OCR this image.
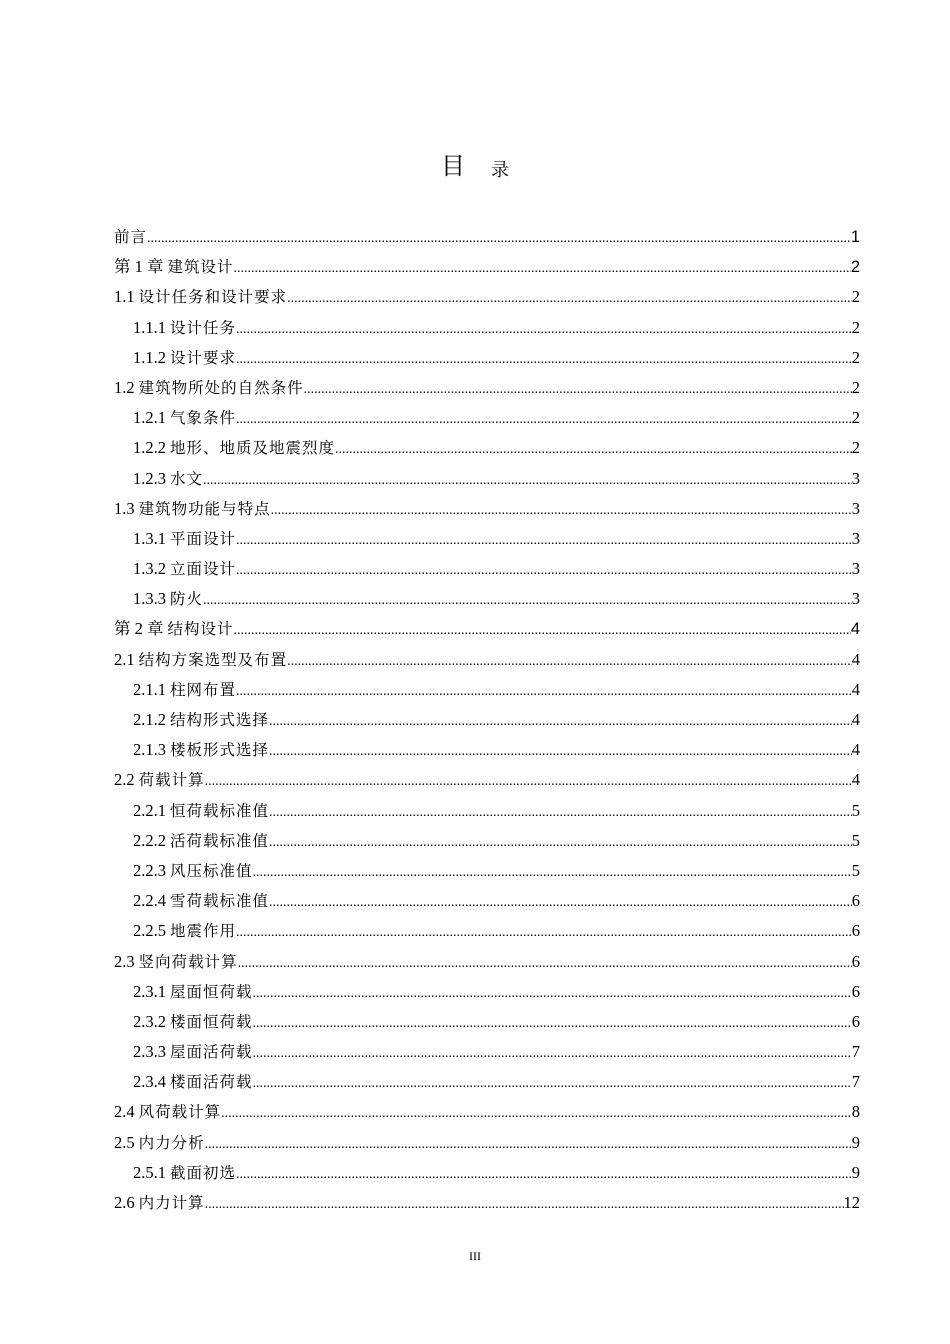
目 录
前言 .....	1
第 1 章 建筑设计 .....	2
1.1 设计任务和设计要求 .....	2
1.1.1 设计任务 .....	2
1.1.2 设计要求 .....	2
1.2 建筑物所处的自然条件 .....	2
1.2.1 气象条件 .....	2
1.2.2 地形、地质及地震烈度 .....	2
1.2.3 水文 .....	3
1.3 建筑物功能与特点 .....	3
1.3.1 平面设计 .....	3
1.3.2 立面设计 .....	3
1.3.3 防火 .....	3
第 2 章 结构设计 .....	4
2.1 结构方案选型及布置 .....	4
2.1.1 柱网布置 .....	4
2.1.2 结构形式选择 .....	4
2.1.3 楼板形式选择 .....	4
2.2 荷载计算 .....	4
2.2.1 恒荷载标准值 .....	5
2.2.2 活荷载标准值 .....	5
2.2.3 风压标准值 .....	5
2.2.4 雪荷载标准值 .....	6
2.2.5 地震作用 .....	6
2.3 竖向荷载计算 .....	6
2.3.1 屋面恒荷载 .....	6
2.3.2 楼面恒荷载 .....	6
2.3.3 屋面活荷载 .....	7
2.3.4 楼面活荷载 .....	7
2.4 风荷载计算 .....	8
2.5 内力分析 .....	9
2.5.1 截面初选 .....	9
2.6 内力计算 .....	12
III
